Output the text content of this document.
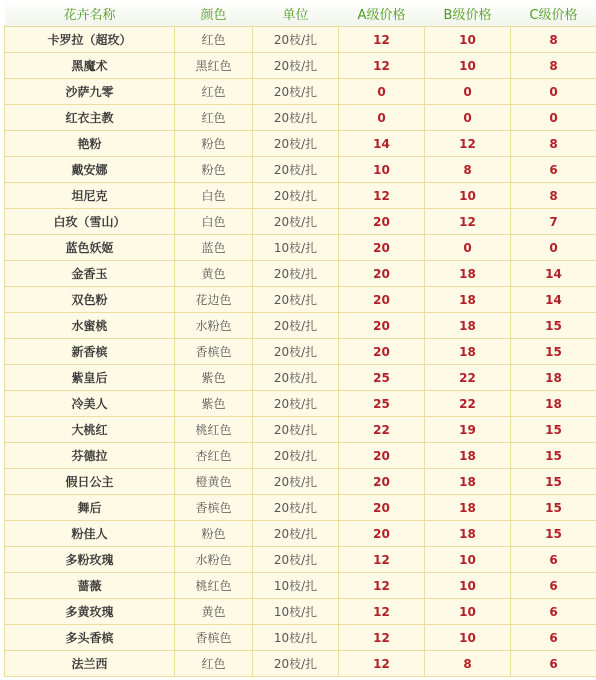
花卉名称	颜色	单位	A级价格	B级价格	C级价格	
卡罗拉（超玫）	红色	20枝/扎	12	10	8	
黑魔术	黑红色	20枝/扎	12	10	8	
沙萨九零	红色	20枝/扎	0	0	0	
红衣主教	红色	20枝/扎	0	0	0	
艳粉	粉色	20枝/扎	14	12	8	
戴安娜	粉色	20枝/扎	10	8	6	
坦尼克	白色	20枝/扎	12	10	8	
白玫（雪山）	白色	20枝/扎	20	12	7	
蓝色妖姬	蓝色	10枝/扎	20	0	0	
金香玉	黄色	20枝/扎	20	18	14	
双色粉	花边色	20枝/扎	20	18	14	
水蜜桃	水粉色	20枝/扎	20	18	15	
新香槟	香槟色	20枝/扎	20	18	15	
紫皇后	紫色	20枝/扎	25	22	18	
冷美人	紫色	20枝/扎	25	22	18	
大桃红	桃红色	20枝/扎	22	19	15	
芬德拉	杏红色	20枝/扎	20	18	15	
假日公主	橙黄色	20枝/扎	20	18	15	
舞后	香槟色	20枝/扎	20	18	15	
粉佳人	粉色	20枝/扎	20	18	15	
多粉玫瑰	水粉色	20枝/扎	12	10	6	
蔷薇	桃红色	10枝/扎	12	10	6	
多黄玫瑰	黄色	10枝/扎	12	10	6	
多头香槟	香槟色	10枝/扎	12	10	6	
法兰西	红色	20枝/扎	12	8	6	
